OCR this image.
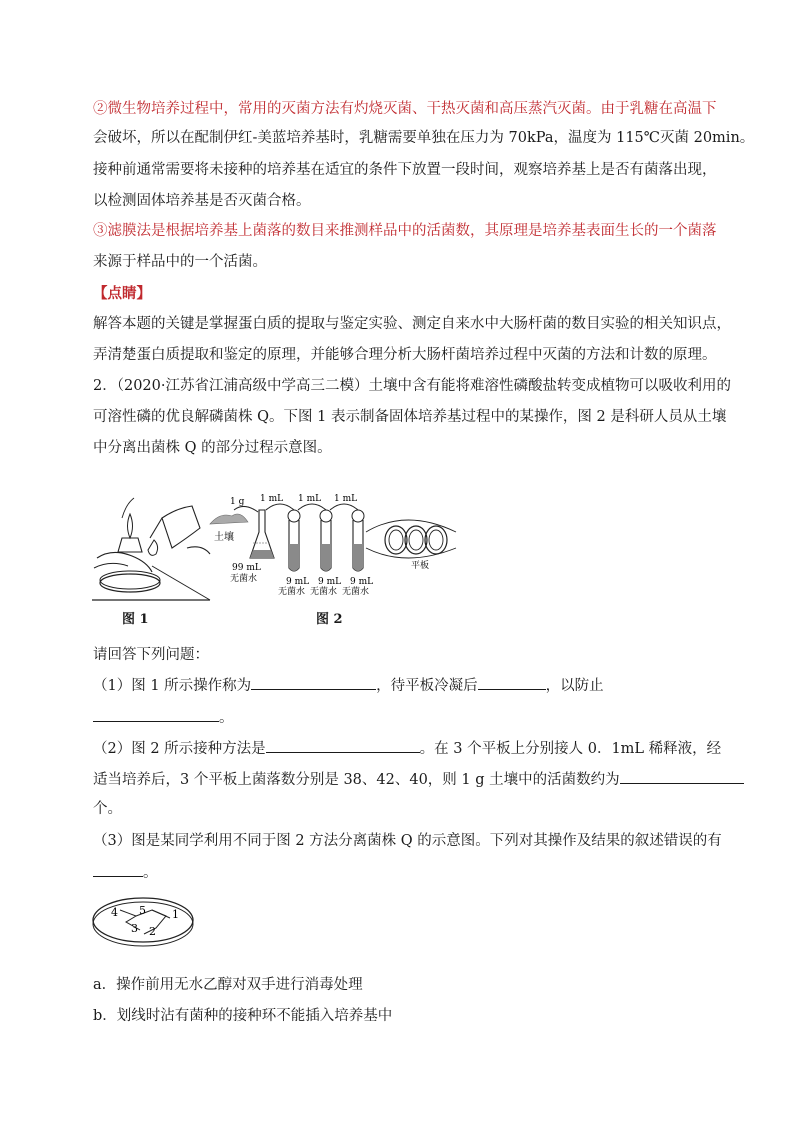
②微生物培养过程中，常用的灭菌方法有灼烧灭菌、干热灭菌和高压蒸汽灭菌。由于乳糖在高温下
会破坏，所以在配制伊红-美蓝培养基时，乳糖需要单独在压力为 70kPa，温度为 115℃灭菌 20min。
接种前通常需要将未接种的培养基在适宜的条件下放置一段时间，观察培养基上是否有菌落出现，
以检测固体培养基是否灭菌合格。
③滤膜法是根据培养基上菌落的数目来推测样品中的活菌数，其原理是培养基表面生长的一个菌落
来源于样品中的一个活菌。
【点睛】
解答本题的关键是掌握蛋白质的提取与鉴定实验、测定自来水中大肠杆菌的数目实验的相关知识点，
弄清楚蛋白质提取和鉴定的原理，并能够合理分析大肠杆菌培养过程中灭菌的方法和计数的原理。
2．（2020·江苏省江浦高级中学高三二模）土壤中含有能将难溶性磷酸盐转变成植物可以吸收利用的
可溶性磷的优良解磷菌株 Q。下图 1 表示制备固体培养基过程中的某操作，图 2 是科研人员从土壤
中分离出菌株 Q 的部分过程示意图。
图 1
土壤
1 g
99 mL
无菌水
1 mL 1 mL 1 mL
9 mL
无菌水
9 mL
无菌水
9 mL
无菌水
平板
图 2
请回答下列问题：
（1）图 1 所示操作称为	，待平板冷凝后	，以防止
。
（2）图 2 所示接种方法是	。在 3 个平板上分别接人 0．1mL 稀释液，经
适当培养后，3 个平板上菌落数分别是 38、42、40，则 1 g 土壤中的活菌数约为
个。
（3）图是某同学利用不同于图 2 方法分离菌株 Q 的示意图。下列对其操作及结果的叙述错误的有
。
1
2
3
4 5
a．操作前用无水乙醇对双手进行消毒处理
b．划线时沾有菌种的接种环不能插入培养基中
